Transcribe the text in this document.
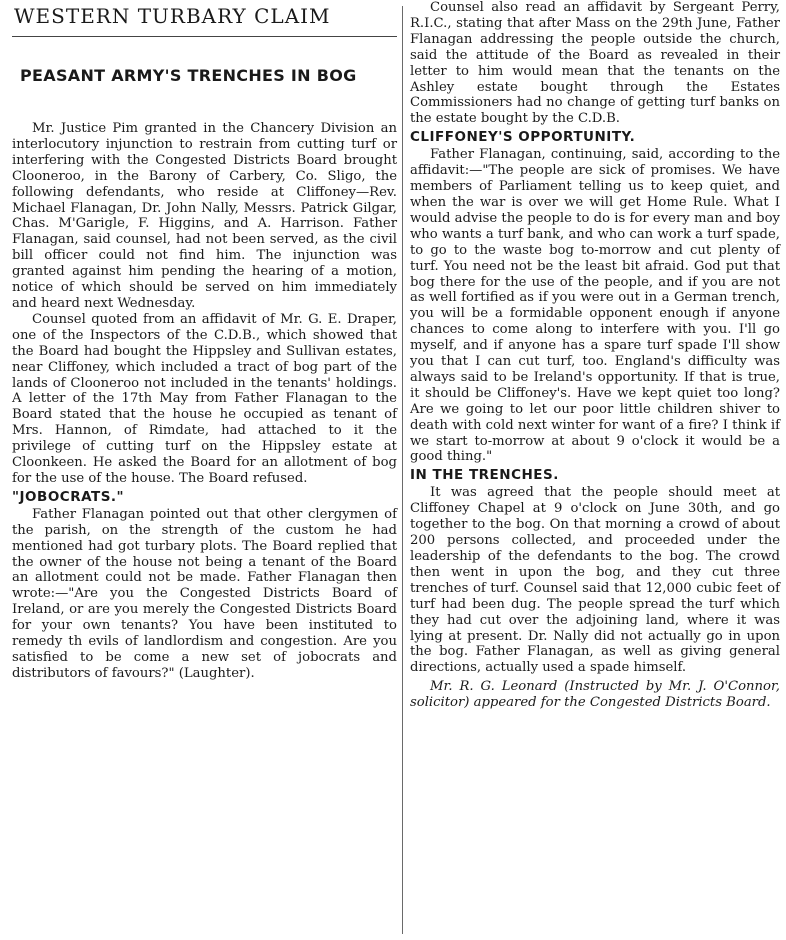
WESTERN TURBARY CLAIM
PEASANT ARMY'S TRENCHES IN BOG

Mr. Justice Pim granted in the Chancery Division an interlocutory injunction to restrain from cutting turf or interfering with the Congested Districts Board brought Clooneroo, in the Barony of Carbery, Co. Sligo, the following defendants, who reside at Cliffoney—Rev. Michael Flanagan, Dr. John Nally, Messrs. Patrick Gilgar, Chas. M'Garigle, F. Higgins, and A. Harrison. Father Flanagan, said counsel, had not been served, as the civil bill officer could not find him. The injunction was granted against him pending the hearing of a motion, notice of which should be served on him immediately and heard next Wednesday.

Counsel quoted from an affidavit of Mr. G. E. Draper, one of the Inspectors of the C.D.B., which showed that the Board had bought the Hippsley and Sullivan estates, near Cliffoney, which included a tract of bog part of the lands of Clooneroo not included in the tenants' holdings. A letter of the 17th May from Father Flanagan to the Board stated that the house he occupied as tenant of Mrs. Hannon, of Rimdate, had attached to it the privilege of cutting turf on the Hippsley estate at Cloonkeen. He asked the Board for an allotment of bog for the use of the house. The Board refused.

"JOBOCRATS."

Father Flanagan pointed out that other clergymen of the parish, on the strength of the custom he had mentioned had got turbary plots. The Board replied that the owner of the house not being a tenant of the Board an allotment could not be made. Father Flanagan then wrote:—"Are you the Congested Districts Board of Ireland, or are you merely the Congested Districts Board for your own tenants? You have been instituted to remedy th evils of landlordism and congestion. Are you satisfied to be come a new set of jobocrats and distributors of favours?" (Laughter).

Counsel also read an affidavit by Sergeant Perry, R.I.C., stating that after Mass on the 29th June, Father Flanagan addressing the people outside the church, said the attitude of the Board as revealed in their letter to him would mean that the tenants on the Ashley estate bought through the Estates Commissioners had no change of getting turf banks on the estate bought by the C.D.B.

CLIFFONEY'S OPPORTUNITY.

Father Flanagan, continuing, said, according to the affidavit:—"The people are sick of promises. We have members of Parliament telling us to keep quiet, and when the war is over we will get Home Rule. What I would advise the people to do is for every man and boy who wants a turf bank, and who can work a turf spade, to go to the waste bog to-morrow and cut plenty of turf. You need not be the least bit afraid. God put that bog there for the use of the people, and if you are not as well fortified as if you were out in a German trench, you will be a formidable opponent enough if anyone chances to come along to interfere with you. I'll go myself, and if anyone has a spare turf spade I'll show you that I can cut turf, too. England's difficulty was always said to be Ireland's opportunity. If that is true, it should be Cliffoney's. Have we kept quiet too long? Are we going to let our poor little children shiver to death with cold next winter for want of a fire? I think if we start to-morrow at about 9 o'clock it would be a good thing."

IN THE TRENCHES.

It was agreed that the people should meet at Cliffoney Chapel at 9 o'clock on June 30th, and go together to the bog. On that morning a crowd of about 200 persons collected, and proceeded under the leadership of the defendants to the bog. The crowd then went in upon the bog, and they cut three trenches of turf. Counsel said that 12,000 cubic feet of turf had been dug. The people spread the turf which they had cut over the adjoining land, where it was lying at present. Dr. Nally did not actually go in upon the bog. Father Flanagan, as well as giving general directions, actually used a spade himself.

Mr. R. G. Leonard (Instructed by Mr. J. O'Connor, solicitor) appeared for the Congested Districts Board.
